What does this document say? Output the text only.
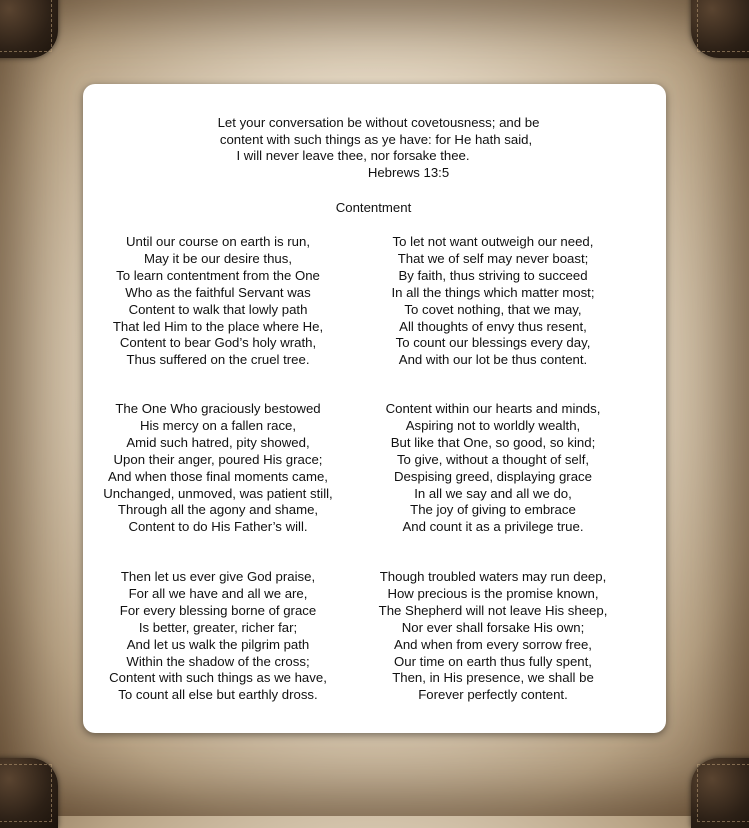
Let your conversation be without covetousness; and be
content with such things as ye have: for He hath said,
I will never leave thee, nor forsake thee.
Hebrews 13:5
Contentment
Until our course on earth is run,
May it be our desire thus,
To learn contentment from the One
Who as the faithful Servant was
Content to walk that lowly path
That led Him to the place where He,
Content to bear God’s holy wrath,
Thus suffered on the cruel tree.
To let not want outweigh our need,
That we of self may never boast;
By faith, thus striving to succeed
In all the things which matter most;
To covet nothing, that we may,
All thoughts of envy thus resent,
To count our blessings every day,
And with our lot be thus content.
The One Who graciously bestowed
His mercy on a fallen race,
Amid such hatred, pity showed,
Upon their anger, poured His grace;
And when those final moments came,
Unchanged, unmoved, was patient still,
Through all the agony and shame,
Content to do His Father’s will.
Content within our hearts and minds,
Aspiring not to worldly wealth,
But like that One, so good, so kind;
To give, without a thought of self,
Despising greed, displaying grace
In all we say and all we do,
The joy of giving to embrace
And count it as a privilege true.
Then let us ever give God praise,
For all we have and all we are,
For every blessing borne of grace
Is better, greater, richer far;
And let us walk the pilgrim path
Within the shadow of the cross;
Content with such things as we have,
To count all else but earthly dross.
Though troubled waters may run deep,
How precious is the promise known,
The Shepherd will not leave His sheep,
Nor ever shall forsake His own;
And when from every sorrow free,
Our time on earth thus fully spent,
Then, in His presence, we shall be
Forever perfectly content.
